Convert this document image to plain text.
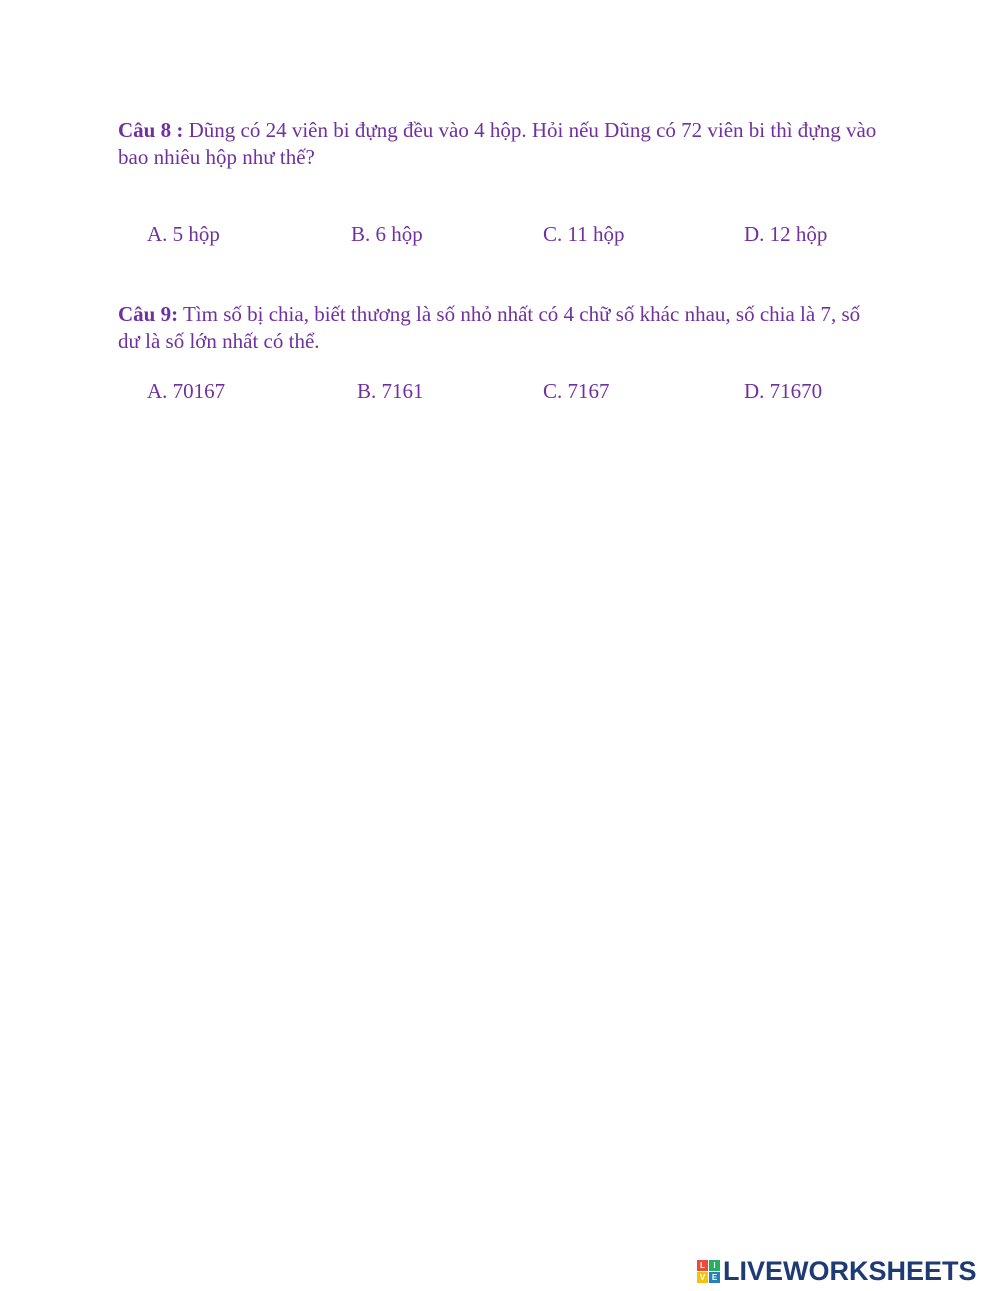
Câu 8 : Dũng có 24 viên bi đựng đều vào 4 hộp. Hỏi nếu Dũng có 72 viên bi thì đựng vào bao nhiêu hộp như thế?
A. 5 hộp	B. 6 hộp	C. 11 hộp	D. 12 hộp
Câu 9: Tìm số bị chia, biết thương là số nhỏ nhất có 4 chữ số khác nhau, số chia là 7, số dư là số lớn nhất có thể.
A. 70167	B. 7161	C. 7167	D. 71670
L	I
V E LIVEWORKSHEETS
